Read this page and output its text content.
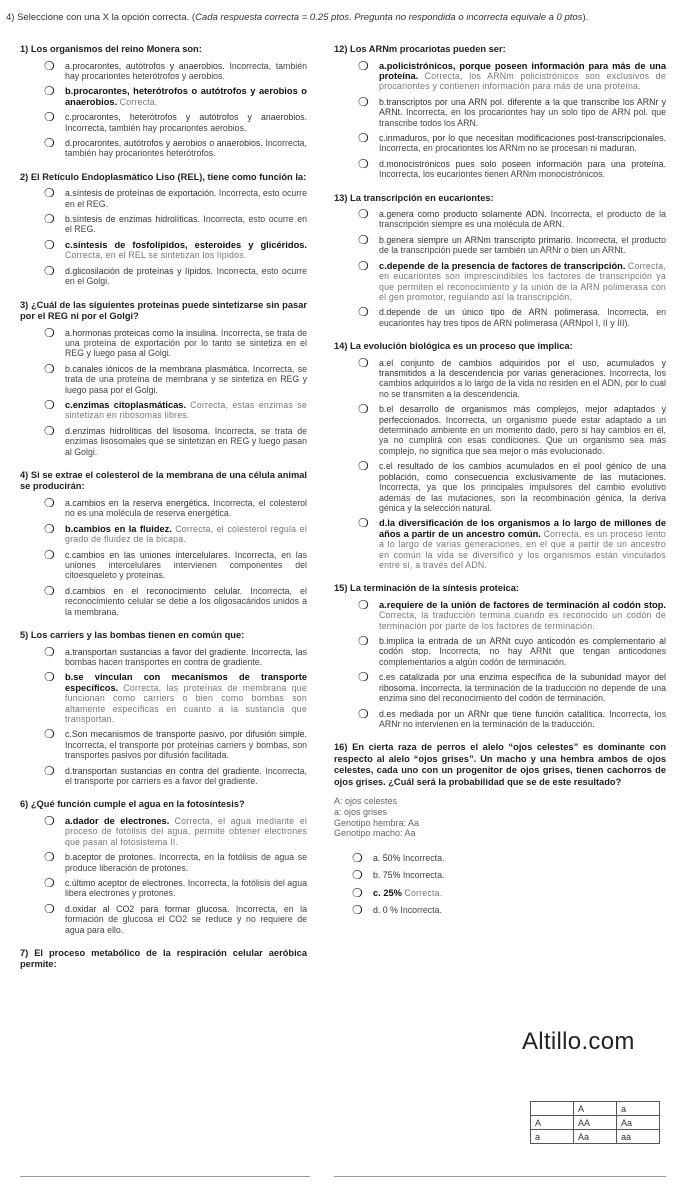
4) Seleccione con una X la opción correcta. (Cada respuesta correcta = 0.25 ptos. Pregunta no respondida o incorrecta equivale a 0 ptos).
1) Los organismos del reino Monera son:
❍ a.procarontes, autótrofos y anaerobios. Incorrecta, también hay procariontes heterótrofos y aerobios.
❍ b.procarontes, heterótrofos o autótrofos y aerobios o anaerobios. Correcta.
❍ c.procarontes, heterótrofos y autótrofos y anaerobios. Incorrecta, también hay procariontes aerobios.
❍ d.procarontes, autótrofos y aerobios o anaerobios. Incorrecta, también hay procariontes heterótrofos.
2) El Retículo Endoplasmático Liso (REL), tiene como función la:
❍ a.síntesis de proteínas de exportación. Incorrecta, esto ocurre en el REG.
❍ b.síntesis de enzimas hidrolíticas. Incorrecta, esto ocurre en el REG.
❍ c.síntesis de fosfolípidos, esteroides y glicéridos. Correcta, en el REL se sintetizan los lípidos.
❍ d.glicosilación de proteínas y lípidos. Incorrecta, esto ocurre en el Golgi.
3) ¿Cuál de las siguientes proteínas puede sintetizarse sin pasar por el REG ni por el Golgi?
❍ a.hormonas proteicas como la insulina. Incorrecta, se trata de una proteína de exportación por lo tanto se sintetiza en el REG y luego pasa al Golgi.
❍ b.canales iónicos de la membrana plasmática. Incorrecta, se trata de una proteína de membrana y se sintetiza en REG y luego pasa por el Golgi.
❍ c.enzimas citoplasmáticas. Correcta, estas enzimas se sintetizan en ribosomas libres.
❍ d.enzimas hidrolíticas del lisosoma. Incorrecta, se trata de enzimas lisosomales que se sintetizan en REG y luego pasan al Golgi.
4) Si se extrae el colesterol de la membrana de una célula animal se producirán:
❍ a.cambios en la reserva energética. Incorrecta, el colesterol no es una molécula de reserva energética.
❍ b.cambios en la fluidez. Correcta, el colesterol regula el grado de fluidez de la bicapa.
❍ c.cambios en las uniones intercelulares. Incorrecta, en las uniones intercelulares intervienen componentes del citoesqueleto y proteínas.
❍ d.cambios en el reconocimiento celular. Incorrecta, el reconocimiento celular se debe a los oligosacáridos unidos a la membrana.
5) Los carriers y las bombas tienen en común que:
❍ a.transportan sustancias a favor del gradiente. Incorrecta, las bombas hacen transportes en contra de gradiente.
❍ b.se vinculan con mecanismos de transporte específicos. Correcta, las proteínas de membrana que funcionan como carriers o bien como bombas son altamente específicas en cuanto a la sustancia que transportan.
❍ c.Son mecanismos de transporte pasivo, por difusión simple. Incorrecta, el transporte por proteínas carriers y bombas, son transportes pasivos por difusión facilitada.
❍ d.transportan sustancias en contra del gradiente. Incorrecta, el transporte por carriers es a favor del gradiente.
6) ¿Qué función cumple el agua en la fotosíntesis?
❍ a.dador de electrones. Correcta, el agua mediante el proceso de fotólisis del agua, permite obtener electrones que pasan al fotosistema II.
❍ b.aceptor de protones. Incorrecta, en la fotólisis de agua se produce liberación de protones.
❍ c.último aceptor de electrones. Incorrecta, la fotólisis del agua libera electrones y protones.
❍ d.oxidar al CO2 para formar glucosa. Incorrecta, en la formación de glucosa el CO2 se reduce y no requiere de agua para ello.
7) El proceso metabólico de la respiración celular aeróbica permite:
12) Los ARNm procariotas pueden ser:
❍ a.policistrónicos, porque poseen información para más de una proteína. Correcta, los ARNm policistrónicos son exclusivos de procariontes y contienen información para más de una proteína.
❍ b.transcriptos por una ARN pol. diferente a la que transcribe los ARNr y ARNt. Incorrecta, en los procariontes hay un solo tipo de ARN pol. que transcribe todos los ARN.
❍ c.inmaduros, por lo que necesitan modificaciones post-transcripcionales. Incorrecta, en procariontes los ARNm no se procesan ni maduran.
❍ d.monocistrónicos pues solo poseen información para una proteína. Incorrecta, los eucariontes tienen ARNm monocistrónicos.
13) La transcripción en eucariontes:
❍ a.genera como producto solamente ADN. Incorrecta, el producto de la transcripción siempre es una molécula de ARN.
❍ b.genera siempre un ARNm transcripto primario. Incorrecta, el producto de la transcripción puede ser también un ARNr o bien un ARNt.
❍ c.depende de la presencia de factores de transcripción. Correcta, en eucariontes son imprescindibles los factores de transcripción ya que permiten el reconocimiento y la unión de la ARN polimerasa con el gen promotor, regulando así la transcripción.
❍ d.depende de un único tipo de ARN polimerasa. Incorrecta, en eucariontes hay tres tipos de ARN polimerasa (ARNpol I, II y III).
14) La evolución biológica es un proceso que implica:
❍ a.el conjunto de cambios adquiridos por el uso, acumulados y transmitidos a la descendencia por varias generaciones. Incorrecta, los cambios adquiridos a lo largo de la vida no residen en el ADN, por lo cual no se transmiten a la descendencia.
❍ b.el desarrollo de organismos más complejos, mejor adaptados y perfeccionados. Incorrecta, un organismo puede estar adaptado a un determinado ambiente en un momento dado, pero si hay cambios en él, ya no cumplirá con esas condiciones. Que un organismo sea más complejo, no significa que sea mejor o más evolucionado.
❍ c.el resultado de los cambios acumulados en el pool génico de una población, como consecuencia exclusivamente de las mutaciones. Incorrecta, ya que los principales impulsores del cambio evolutivo además de las mutaciones, son la recombinación génica, la deriva génica y la selección natural.
❍ d.la diversificación de los organismos a lo largo de millones de años a partir de un ancestro común. Correcta, es un proceso lento a lo largo de varias generaciones, en el que a partir de un ancestro en común la vida se diversificó y los organismos están vinculados entre sí, a través del ADN.
15) La terminación de la síntesis proteica:
❍ a.requiere de la unión de factores de terminación al codón stop. Correcta, la traducción termina cuando es reconocido un codón de terminación por parte de los factores de terminación.
❍ b.implica la entrada de un ARNt cuyo anticodón es complementario al codón stop. Incorrecta, no hay ARNt que tengan anticodones complementarios a algún codón de terminación.
❍ c.es catalizada por una enzima específica de la subunidad mayor del ribosoma. Incorrecta, la terminación de la traducción no depende de una enzima sino del reconocimiento del codón de terminación.
❍ d.es mediada por un ARNr que tiene función catalítica. Incorrecta, los ARNr no intervienen en la terminación de la traducción.
16) En cierta raza de perros el alelo “ojos celestes” es dominante con respecto al alelo “ojos grises”. Un macho y una hembra ambos de ojos celestes, cada uno con un progenitor de ojos grises, tienen cachorros de ojos grises. ¿Cuál será la probabilidad que se de este resultado?
A: ojos celestes
a: ojos grises
Genotipo hembra: Aa
Genotipo macho: Aa
❍ a. 50% Incorrecta.
❍ b. 75% Incorrecta.
❍ c. 25% Correcta.
❍ d. 0 % Incorrecta.
Altillo.com
	A	a
A	AA	Aa
a	Aa	aa
